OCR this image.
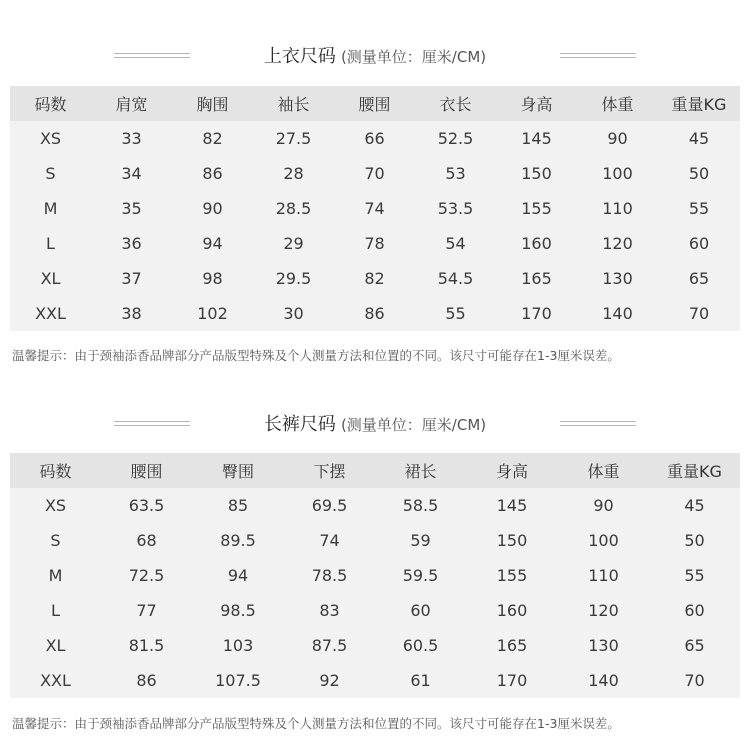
上衣尺码 (测量单位：厘米/CM)
码数	肩宽	胸围	袖长	腰围	衣长	身高	体重	重量KG
XS	33	82	27.5	66	52.5	145	90	45
S	34	86	28	70	53	150	100	50
M	35	90	28.5	74	53.5	155	110	55
L	36	94	29	78	54	160	120	60
XL	37	98	29.5	82	54.5	165	130	65
XXL	38	102	30	86	55	170	140	70
温馨提示：由于颈袖添香品牌部分产品版型特殊及个人测量方法和位置的不同。该尺寸可能存在1-3厘米误差。
长裤尺码 (测量单位：厘米/CM)
码数	腰围	臀围	下摆	裙长	身高	体重	重量KG
XS	63.5	85	69.5	58.5	145	90	45
S	68	89.5	74	59	150	100	50
M	72.5	94	78.5	59.5	155	110	55
L	77	98.5	83	60	160	120	60
XL	81.5	103	87.5	60.5	165	130	65
XXL	86	107.5	92	61	170	140	70
温馨提示：由于颈袖添香品牌部分产品版型特殊及个人测量方法和位置的不同。该尺寸可能存在1-3厘米误差。
